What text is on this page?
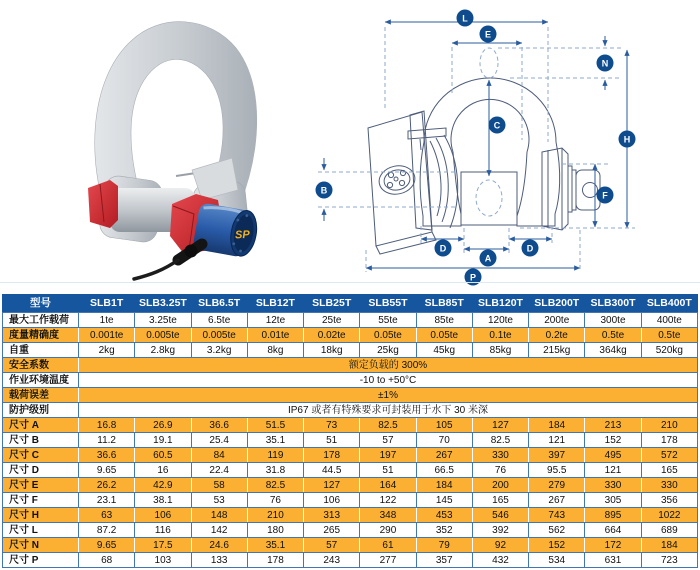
SP
L
E
N
C
B
H
F
D	D
A
P
型号	SLB1T	SLB3.25T	SLB6.5T	SLB12T	SLB25T	SLB55T	SLB85T	SLB120T	SLB200T	SLB300T	SLB400T
最大工作载荷	1te	3.25te	6.5te	12te	25te	55te	85te	120te	200te	300te	400te
度量精确度	0.001te	0.005te	0.005te	0.01te	0.02te	0.05te	0.05te	0.1te	0.2te	0.5te	0.5te
自重	2kg	2.8kg	3.2kg	8kg	18kg	25kg	45kg	85kg	215kg	364kg	520kg
安全系数	额定负载的 300%										
作业环境温度	-10 to +50°C										
载荷误差	±1%										
防护级别	IP67 或者有特殊要求可封装用于水下 30 米深										
尺寸 A	16.8	26.9	36.6	51.5	73	82.5	105	127	184	213	210
尺寸 B	11.2	19.1	25.4	35.1	51	57	70	82.5	121	152	178
尺寸 C	36.6	60.5	84	119	178	197	267	330	397	495	572
尺寸 D	9.65	16	22.4	31.8	44.5	51	66.5	76	95.5	121	165
尺寸 E	26.2	42.9	58	82.5	127	164	184	200	279	330	330
尺寸 F	23.1	38.1	53	76	106	122	145	165	267	305	356
尺寸 H	63	106	148	210	313	348	453	546	743	895	1022
尺寸 L	87.2	116	142	180	265	290	352	392	562	664	689
尺寸 N	9.65	17.5	24.6	35.1	57	61	79	92	152	172	184
尺寸 P	68	103	133	178	243	277	357	432	534	631	723
